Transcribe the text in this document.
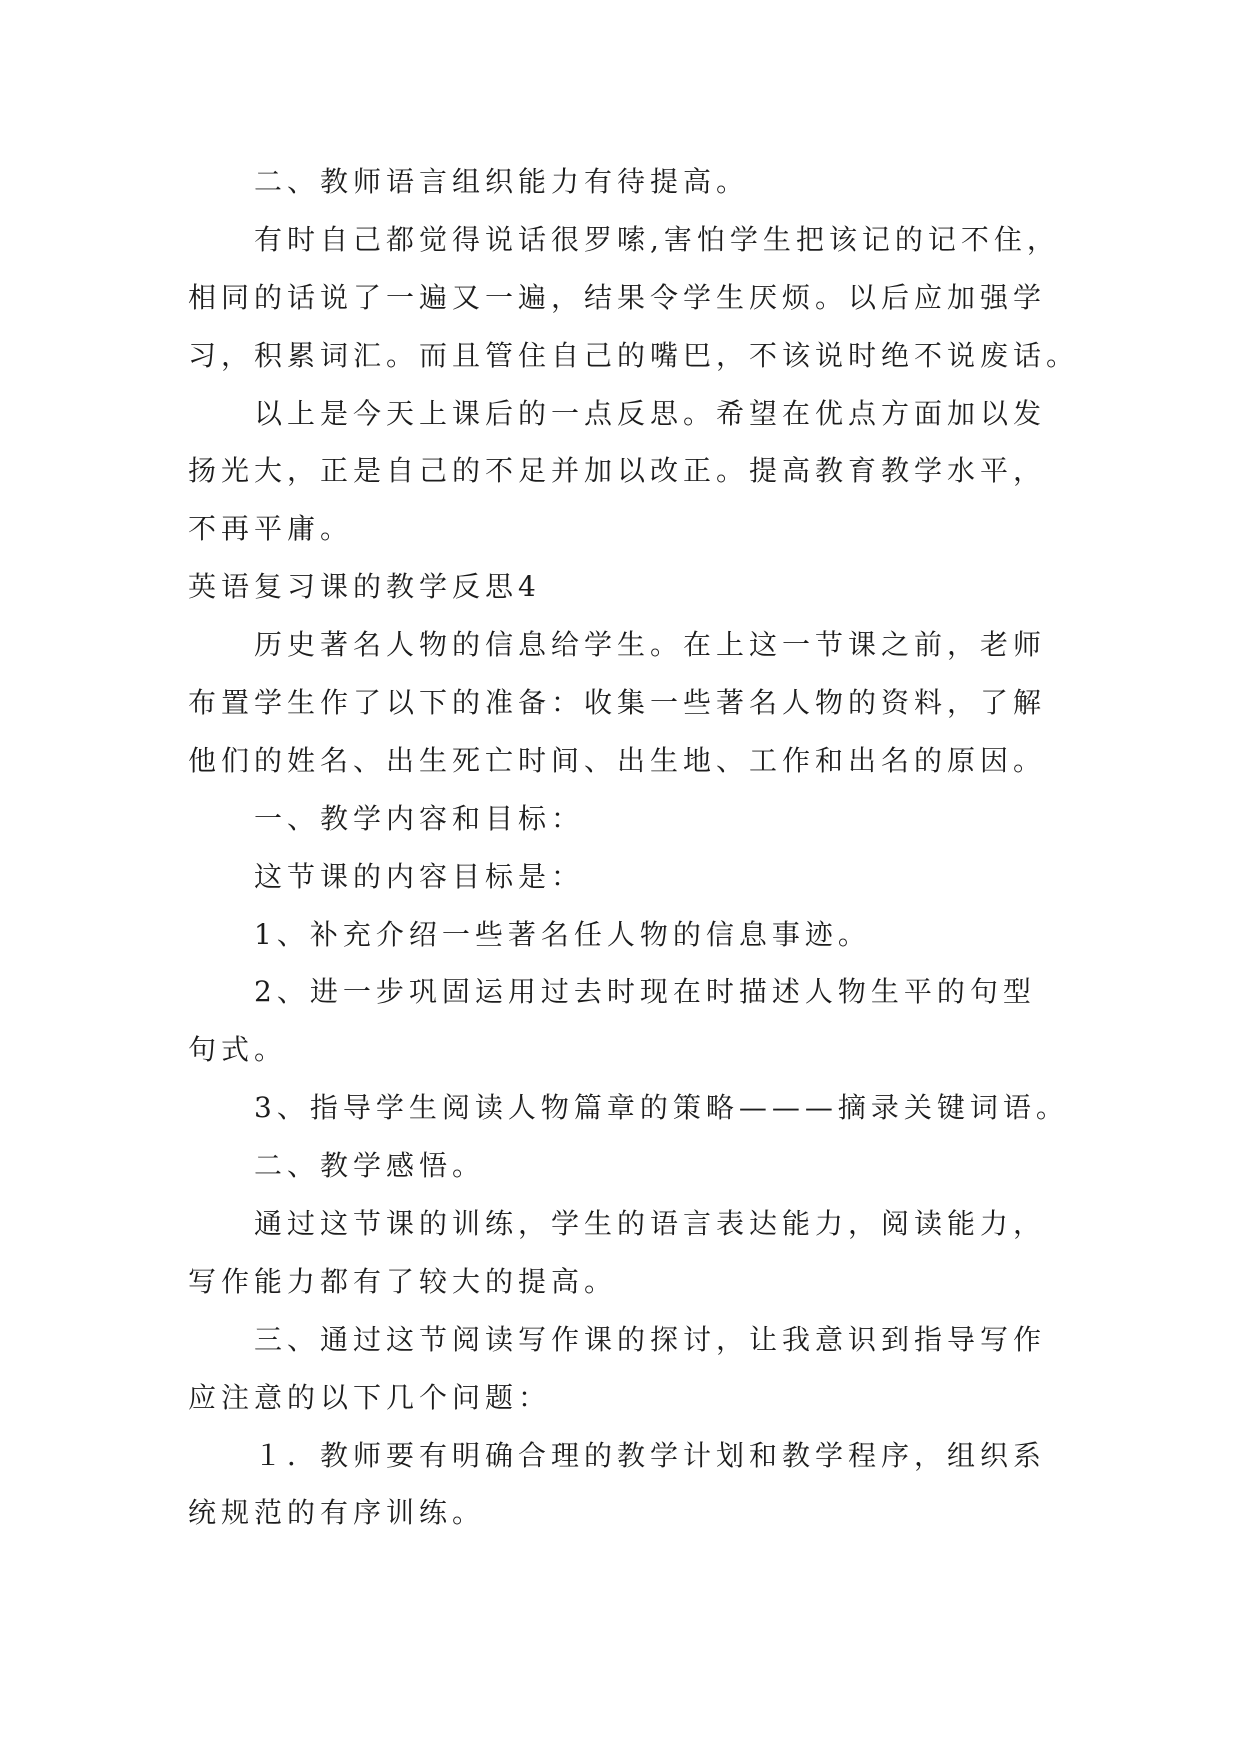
二、教师语言组织能力有待提高。
有时自己都觉得说话很罗嗦,害怕学生把该记的记不住，
相同的话说了一遍又一遍，结果令学生厌烦。以后应加强学
习，积累词汇。而且管住自己的嘴巴，不该说时绝不说废话。
以上是今天上课后的一点反思。希望在优点方面加以发
扬光大，正是自己的不足并加以改正。提高教育教学水平，
不再平庸。
英语复习课的教学反思4
历史著名人物的信息给学生。在上这一节课之前，老师
布置学生作了以下的准备：收集一些著名人物的资料，了解
他们的姓名、出生死亡时间、出生地、工作和出名的原因。
一、教学内容和目标：
这节课的内容目标是：
1、补充介绍一些著名任人物的信息事迹。
2、进一步巩固运用过去时现在时描述人物生平的句型
句式。
3、指导学生阅读人物篇章的策略———摘录关键词语。
二、教学感悟。
通过这节课的训练，学生的语言表达能力，阅读能力，
写作能力都有了较大的提高。
三、通过这节阅读写作课的探讨，让我意识到指导写作
应注意的以下几个问题：
１．教师要有明确合理的教学计划和教学程序，组织系
统规范的有序训练。
